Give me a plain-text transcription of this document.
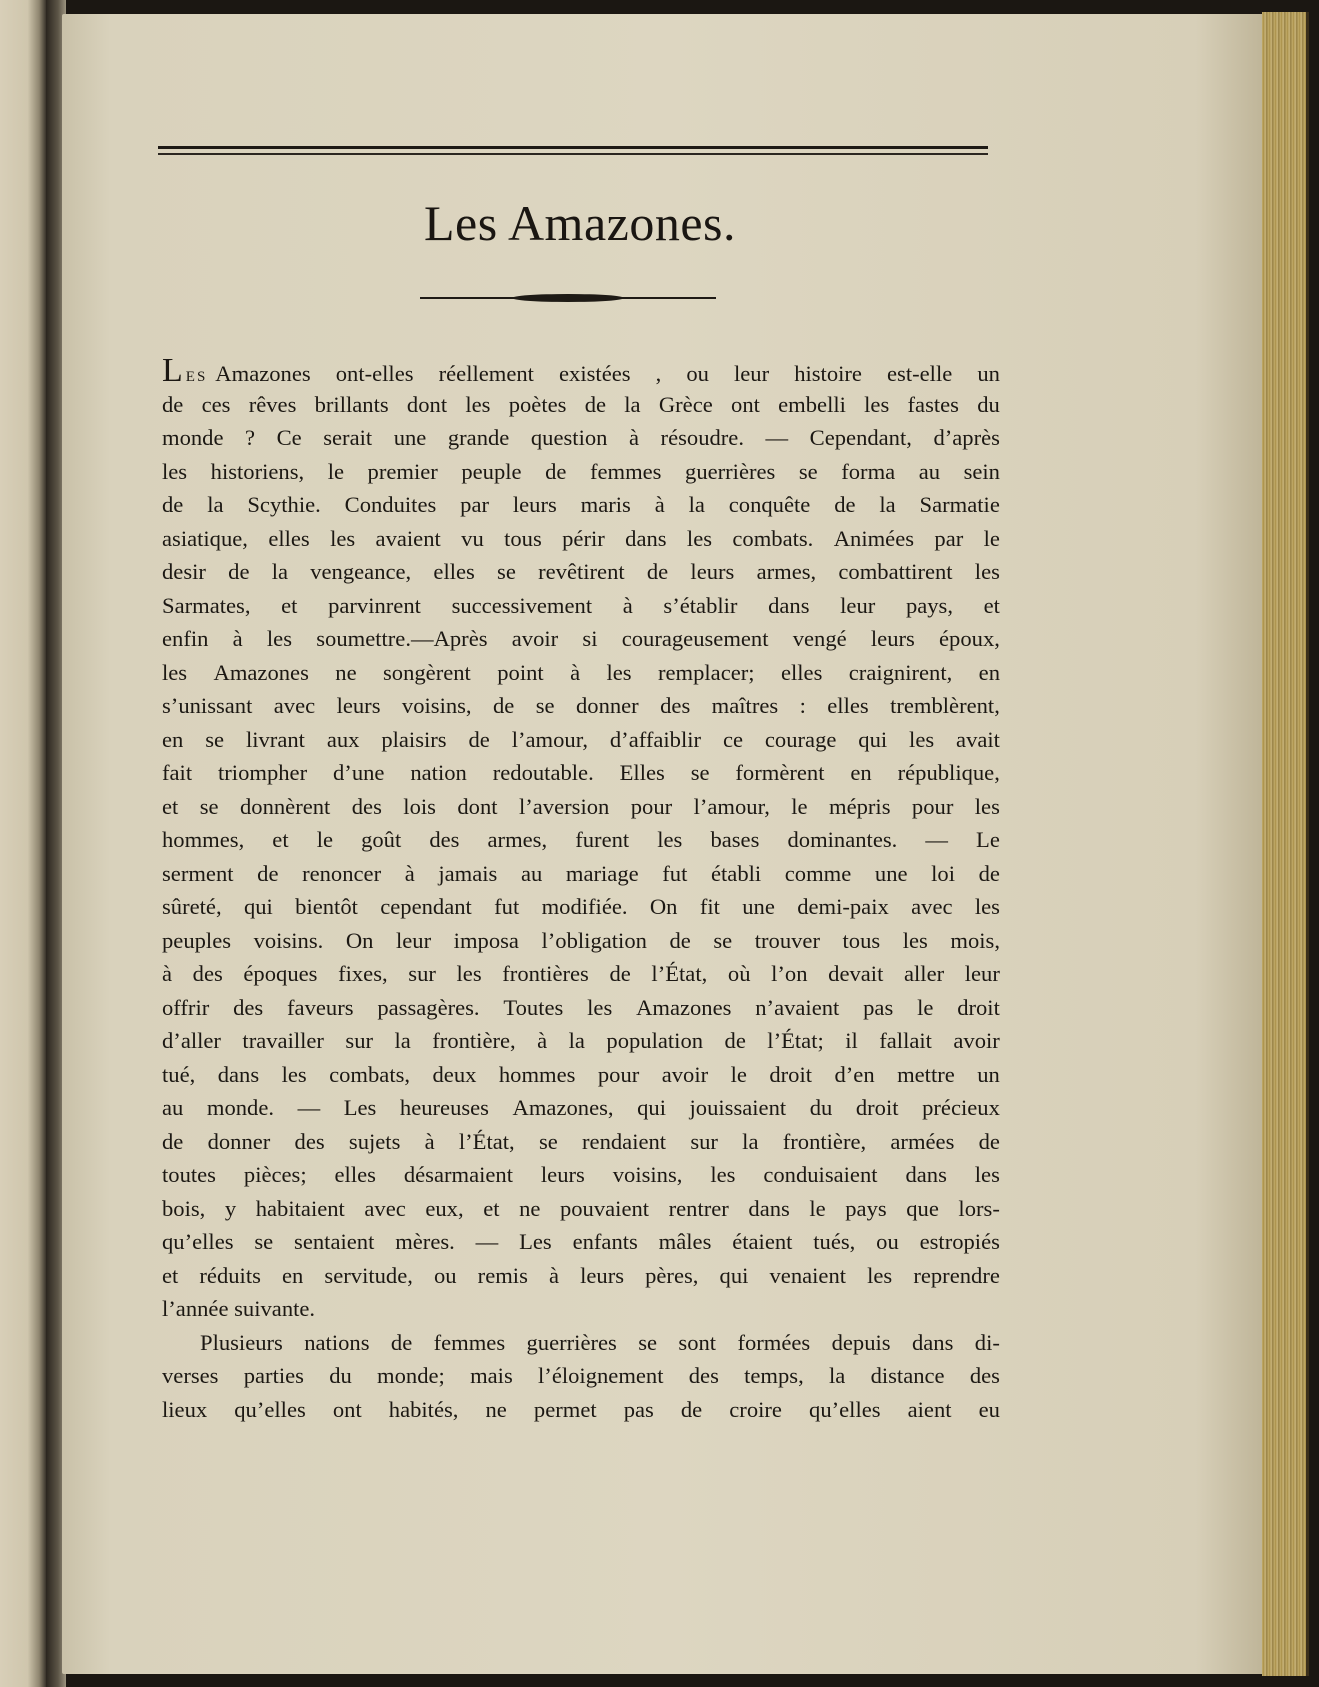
Les Amazones.
LES Amazones ont-elles réellement existées , ou leur histoire est-elle un
de ces rêves brillants dont les poètes de la Grèce ont embelli les fastes du
monde ? Ce serait une grande question à résoudre. — Cependant, d’après
les historiens, le premier peuple de femmes guerrières se forma au sein
de la Scythie. Conduites par leurs maris à la conquête de la Sarmatie
asiatique, elles les avaient vu tous périr dans les combats. Animées par le
desir de la vengeance, elles se revêtirent de leurs armes, combattirent les
Sarmates, et parvinrent successivement à s’établir dans leur pays, et
enfin à les soumettre.—Après avoir si courageusement vengé leurs époux,
les Amazones ne songèrent point à les remplacer; elles craignirent, en
s’unissant avec leurs voisins, de se donner des maîtres : elles tremblèrent,
en se livrant aux plaisirs de l’amour, d’affaiblir ce courage qui les avait
fait triompher d’une nation redoutable. Elles se formèrent en république,
et se donnèrent des lois dont l’aversion pour l’amour, le mépris pour les
hommes, et le goût des armes, furent les bases dominantes. — Le
serment de renoncer à jamais au mariage fut établi comme une loi de
sûreté, qui bientôt cependant fut modifiée. On fit une demi-paix avec les
peuples voisins. On leur imposa l’obligation de se trouver tous les mois,
à des époques fixes, sur les frontières de l’État, où l’on devait aller leur
offrir des faveurs passagères. Toutes les Amazones n’avaient pas le droit
d’aller travailler sur la frontière, à la population de l’État; il fallait avoir
tué, dans les combats, deux hommes pour avoir le droit d’en mettre un
au monde. — Les heureuses Amazones, qui jouissaient du droit précieux
de donner des sujets à l’État, se rendaient sur la frontière, armées de
toutes pièces; elles désarmaient leurs voisins, les conduisaient dans les
bois, y habitaient avec eux, et ne pouvaient rentrer dans le pays que lors-
qu’elles se sentaient mères. — Les enfants mâles étaient tués, ou estropiés
et réduits en servitude, ou remis à leurs pères, qui venaient les reprendre
l’année suivante.
Plusieurs nations de femmes guerrières se sont formées depuis dans di-
verses parties du monde; mais l’éloignement des temps, la distance des
lieux qu’elles ont habités, ne permet pas de croire qu’elles aient eu
